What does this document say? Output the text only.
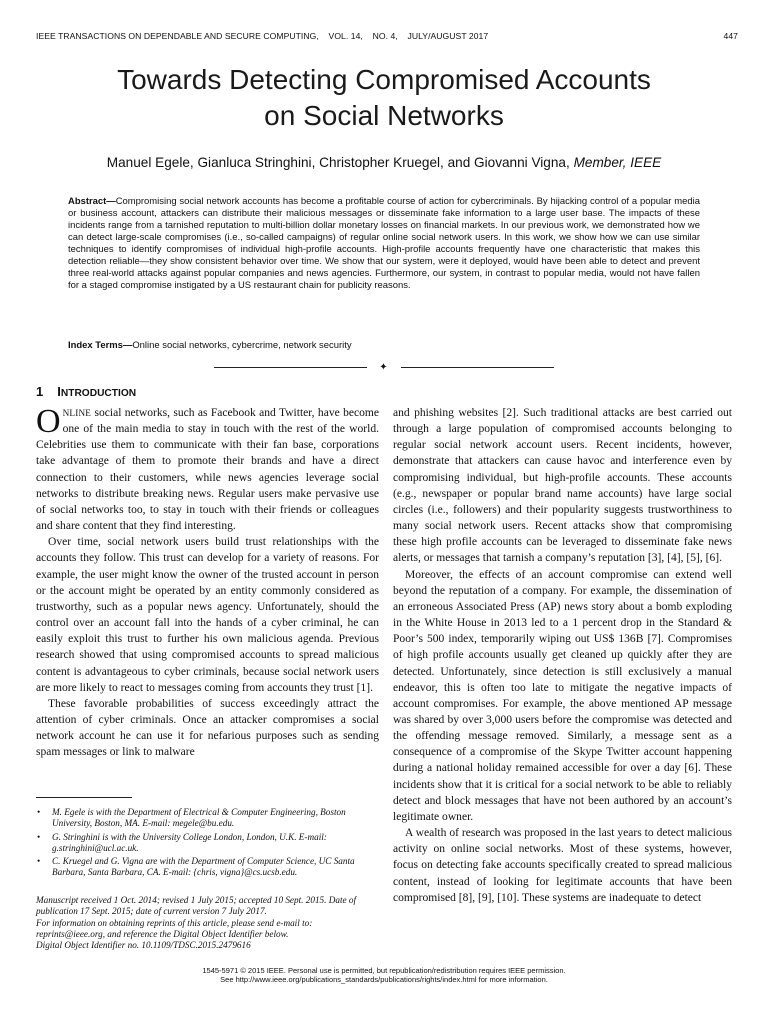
IEEE TRANSACTIONS ON DEPENDABLE AND SECURE COMPUTING,    VOL. 14,    NO. 4,    JULY/AUGUST 2017	447
Towards Detecting Compromised Accounts
on Social Networks
Manuel Egele, Gianluca Stringhini, Christopher Kruegel, and Giovanni Vigna, Member, IEEE
Abstract—Compromising social network accounts has become a profitable course of action for cybercriminals. By hijacking control of a popular media or business account, attackers can distribute their malicious messages or disseminate fake information to a large user base. The impacts of these incidents range from a tarnished reputation to multi-billion dollar monetary losses on financial markets. In our previous work, we demonstrated how we can detect large-scale compromises (i.e., so-called campaigns) of regular online social network users. In this work, we show how we can use similar techniques to identify compromises of individual high-profile accounts. High-profile accounts frequently have one characteristic that makes this detection reliable—they show consistent behavior over time. We show that our system, were it deployed, would have been able to detect and prevent three real-world attacks against popular companies and news agencies. Furthermore, our system, in contrast to popular media, would not have fallen for a staged compromise instigated by a US restaurant chain for publicity reasons.
Index Terms—Online social networks, cybercrime, network security
✦
1 INTRODUCTION

ONLINE social networks, such as Facebook and Twitter, have become one of the main media to stay in touch with the rest of the world. Celebrities use them to communicate with their fan base, corporations take advantage of them to promote their brands and have a direct connection to their customers, while news agencies leverage social networks to distribute breaking news. Regular users make pervasive use of social networks too, to stay in touch with their friends or colleagues and share content that they find interesting.

Over time, social network users build trust relationships with the accounts they follow. This trust can develop for a variety of reasons. For example, the user might know the owner of the trusted account in person or the account might be operated by an entity commonly considered as trustworthy, such as a popular news agency. Unfortunately, should the control over an account fall into the hands of a cyber criminal, he can easily exploit this trust to further his own malicious agenda. Previous research showed that using compromised accounts to spread malicious content is advantageous to cyber criminals, because social network users are more likely to react to messages coming from accounts they trust [1].

These favorable probabilities of success exceedingly attract the attention of cyber criminals. Once an attacker compromises a social network account he can use it for nefarious purposes such as sending spam messages or link to malware

• M. Egele is with the Department of Electrical & Computer Engineering, Boston University, Boston, MA. E-mail: megele@bu.edu.
• G. Stringhini is with the University College London, London, U.K. E-mail: g.stringhini@ucl.ac.uk.
• C. Kruegel and G. Vigna are with the Department of Computer Science, UC Santa Barbara, Santa Barbara, CA. E-mail: {chris, vigna}@cs.ucsb.edu.
Manuscript received 1 Oct. 2014; revised 1 July 2015; accepted 10 Sept. 2015. Date of publication 17 Sept. 2015; date of current version 7 July 2017.
For information on obtaining reprints of this article, please send e-mail to: reprints@ieee.org, and reference the Digital Object Identifier below.
Digital Object Identifier no. 10.1109/TDSC.2015.2479616

and phishing websites [2]. Such traditional attacks are best carried out through a large population of compromised accounts belonging to regular social network account users. Recent incidents, however, demonstrate that attackers can cause havoc and interference even by compromising individual, but high-profile accounts. These accounts (e.g., newspaper or popular brand name accounts) have large social circles (i.e., followers) and their popularity suggests trustworthiness to many social network users. Recent attacks show that compromising these high profile accounts can be leveraged to disseminate fake news alerts, or messages that tarnish a company’s reputation [3], [4], [5], [6].

Moreover, the effects of an account compromise can extend well beyond the reputation of a company. For example, the dissemination of an erroneous Associated Press (AP) news story about a bomb exploding in the White House in 2013 led to a 1 percent drop in the Standard & Poor’s 500 index, temporarily wiping out US$ 136B [7]. Compromises of high profile accounts usually get cleaned up quickly after they are detected. Unfortunately, since detection is still exclusively a manual endeavor, this is often too late to mitigate the negative impacts of account compromises. For example, the above mentioned AP message was shared by over 3,000 users before the compromise was detected and the offending message removed. Similarly, a message sent as a consequence of a compromise of the Skype Twitter account happening during a national holiday remained accessible for over a day [6]. These incidents show that it is critical for a social network to be able to reliably detect and block messages that have not been authored by an account’s legitimate owner.

A wealth of research was proposed in the last years to detect malicious activity on online social networks. Most of these systems, however, focus on detecting fake accounts specifically created to spread malicious content, instead of looking for legitimate accounts that have been compromised [8], [9], [10]. These systems are inadequate to detect

1545-5971 © 2015 IEEE. Personal use is permitted, but republication/redistribution requires IEEE permission.
See http://www.ieee.org/publications_standards/publications/rights/index.html for more information.
